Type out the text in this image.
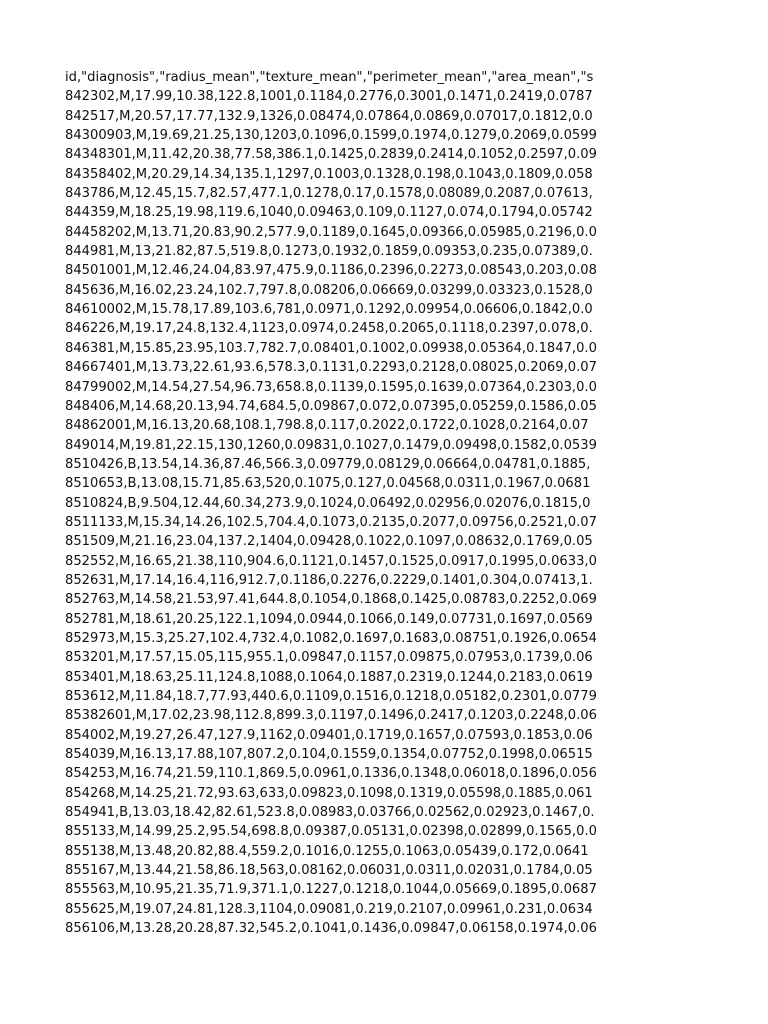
id,"diagnosis","radius_mean","texture_mean","perimeter_mean","area_mean","s
842302,M,17.99,10.38,122.8,1001,0.1184,0.2776,0.3001,0.1471,0.2419,0.0787
842517,M,20.57,17.77,132.9,1326,0.08474,0.07864,0.0869,0.07017,0.1812,0.0
84300903,M,19.69,21.25,130,1203,0.1096,0.1599,0.1974,0.1279,0.2069,0.0599
84348301,M,11.42,20.38,77.58,386.1,0.1425,0.2839,0.2414,0.1052,0.2597,0.09
84358402,M,20.29,14.34,135.1,1297,0.1003,0.1328,0.198,0.1043,0.1809,0.058
843786,M,12.45,15.7,82.57,477.1,0.1278,0.17,0.1578,0.08089,0.2087,0.07613,
844359,M,18.25,19.98,119.6,1040,0.09463,0.109,0.1127,0.074,0.1794,0.05742
84458202,M,13.71,20.83,90.2,577.9,0.1189,0.1645,0.09366,0.05985,0.2196,0.0
844981,M,13,21.82,87.5,519.8,0.1273,0.1932,0.1859,0.09353,0.235,0.07389,0.
84501001,M,12.46,24.04,83.97,475.9,0.1186,0.2396,0.2273,0.08543,0.203,0.08
845636,M,16.02,23.24,102.7,797.8,0.08206,0.06669,0.03299,0.03323,0.1528,0
84610002,M,15.78,17.89,103.6,781,0.0971,0.1292,0.09954,0.06606,0.1842,0.0
846226,M,19.17,24.8,132.4,1123,0.0974,0.2458,0.2065,0.1118,0.2397,0.078,0.
846381,M,15.85,23.95,103.7,782.7,0.08401,0.1002,0.09938,0.05364,0.1847,0.0
84667401,M,13.73,22.61,93.6,578.3,0.1131,0.2293,0.2128,0.08025,0.2069,0.07
84799002,M,14.54,27.54,96.73,658.8,0.1139,0.1595,0.1639,0.07364,0.2303,0.0
848406,M,14.68,20.13,94.74,684.5,0.09867,0.072,0.07395,0.05259,0.1586,0.05
84862001,M,16.13,20.68,108.1,798.8,0.117,0.2022,0.1722,0.1028,0.2164,0.07
849014,M,19.81,22.15,130,1260,0.09831,0.1027,0.1479,0.09498,0.1582,0.0539
8510426,B,13.54,14.36,87.46,566.3,0.09779,0.08129,0.06664,0.04781,0.1885,
8510653,B,13.08,15.71,85.63,520,0.1075,0.127,0.04568,0.0311,0.1967,0.0681
8510824,B,9.504,12.44,60.34,273.9,0.1024,0.06492,0.02956,0.02076,0.1815,0
8511133,M,15.34,14.26,102.5,704.4,0.1073,0.2135,0.2077,0.09756,0.2521,0.07
851509,M,21.16,23.04,137.2,1404,0.09428,0.1022,0.1097,0.08632,0.1769,0.05
852552,M,16.65,21.38,110,904.6,0.1121,0.1457,0.1525,0.0917,0.1995,0.0633,0
852631,M,17.14,16.4,116,912.7,0.1186,0.2276,0.2229,0.1401,0.304,0.07413,1.
852763,M,14.58,21.53,97.41,644.8,0.1054,0.1868,0.1425,0.08783,0.2252,0.069
852781,M,18.61,20.25,122.1,1094,0.0944,0.1066,0.149,0.07731,0.1697,0.0569
852973,M,15.3,25.27,102.4,732.4,0.1082,0.1697,0.1683,0.08751,0.1926,0.0654
853201,M,17.57,15.05,115,955.1,0.09847,0.1157,0.09875,0.07953,0.1739,0.06
853401,M,18.63,25.11,124.8,1088,0.1064,0.1887,0.2319,0.1244,0.2183,0.0619
853612,M,11.84,18.7,77.93,440.6,0.1109,0.1516,0.1218,0.05182,0.2301,0.0779
85382601,M,17.02,23.98,112.8,899.3,0.1197,0.1496,0.2417,0.1203,0.2248,0.06
854002,M,19.27,26.47,127.9,1162,0.09401,0.1719,0.1657,0.07593,0.1853,0.06
854039,M,16.13,17.88,107,807.2,0.104,0.1559,0.1354,0.07752,0.1998,0.06515
854253,M,16.74,21.59,110.1,869.5,0.0961,0.1336,0.1348,0.06018,0.1896,0.056
854268,M,14.25,21.72,93.63,633,0.09823,0.1098,0.1319,0.05598,0.1885,0.061
854941,B,13.03,18.42,82.61,523.8,0.08983,0.03766,0.02562,0.02923,0.1467,0.
855133,M,14.99,25.2,95.54,698.8,0.09387,0.05131,0.02398,0.02899,0.1565,0.0
855138,M,13.48,20.82,88.4,559.2,0.1016,0.1255,0.1063,0.05439,0.172,0.0641
855167,M,13.44,21.58,86.18,563,0.08162,0.06031,0.0311,0.02031,0.1784,0.05
855563,M,10.95,21.35,71.9,371.1,0.1227,0.1218,0.1044,0.05669,0.1895,0.0687
855625,M,19.07,24.81,128.3,1104,0.09081,0.219,0.2107,0.09961,0.231,0.0634
856106,M,13.28,20.28,87.32,545.2,0.1041,0.1436,0.09847,0.06158,0.1974,0.06
